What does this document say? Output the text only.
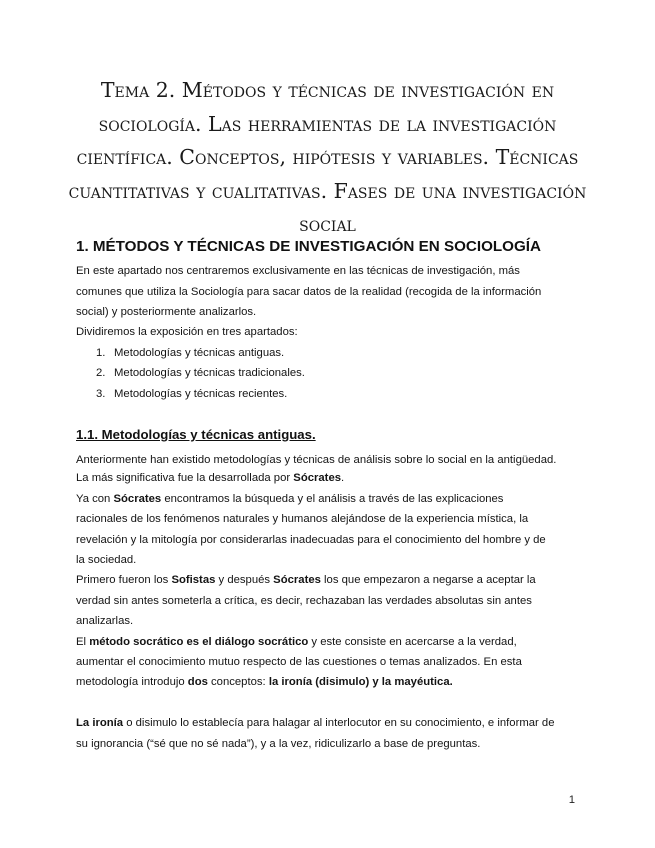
Tema 2. Métodos y técnicas de investigación en sociología. Las herramientas de la investigación científica. Conceptos, hipótesis y variables. Técnicas cuantitativas y cualitativas. Fases de una investigación social
1. MÉTODOS Y TÉCNICAS DE INVESTIGACIÓN EN SOCIOLOGÍA

En este apartado nos centraremos exclusivamente en las técnicas de investigación, más

comunes que utiliza la Sociología para sacar datos de la realidad (recogida de la información

social) y posteriormente analizarlos.

Dividiremos la exposición en tres apartados:

1. Metodologías y técnicas antiguas.

2. Metodologías y técnicas tradicionales.

3. Metodologías y técnicas recientes.

1.1. Metodologías y técnicas antiguas.

Anteriormente han existido metodologías y técnicas de análisis sobre lo social en la antigüedad.

La más significativa fue la desarrollada por Sócrates.

Ya con Sócrates encontramos la búsqueda y el análisis a través de las explicaciones

racionales de los fenómenos naturales y humanos alejándose de la experiencia mística, la

revelación y la mitología por considerarlas inadecuadas para el conocimiento del hombre y de

la sociedad.

Primero fueron los Sofistas y después Sócrates los que empezaron a negarse a aceptar la

verdad sin antes someterla a crítica, es decir, rechazaban las verdades absolutas sin antes

analizarlas.

El método socrático es el diálogo socrático y este consiste en acercarse a la verdad,

aumentar el conocimiento mutuo respecto de las cuestiones o temas analizados. En esta

metodología introdujo dos conceptos: la ironía (disimulo) y la mayéutica.

La ironía o disimulo lo establecía para halagar al interlocutor en su conocimiento, e informar de

su ignorancia (“sé que no sé nada”), y a la vez, ridiculizarlo a base de preguntas.

1
